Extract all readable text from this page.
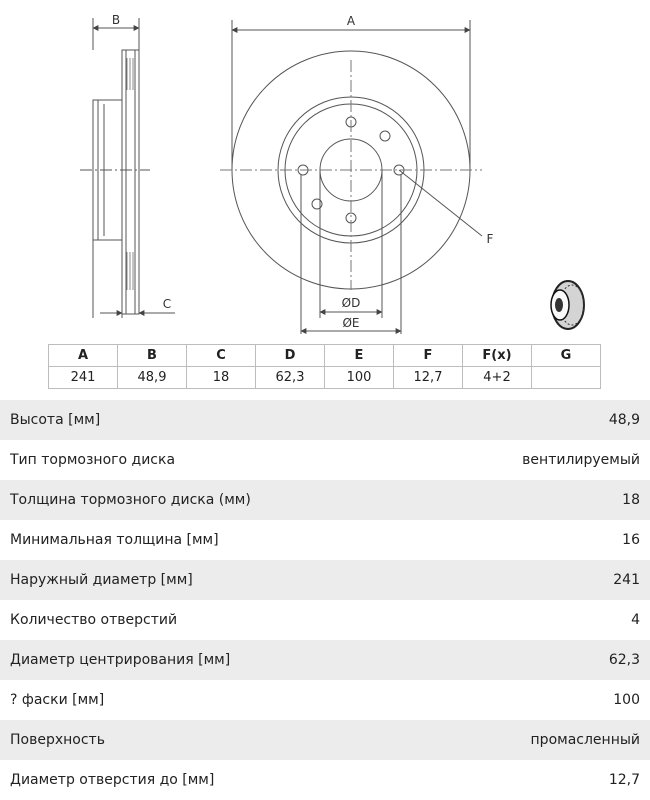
B	A
C	ØD
ØE
F
A	B	C	D	E	F	F(x)	G
241	48,9	18	62,3	100	12,7	4+2	
Высота [мм]	48,9
Тип тормозного диска	вентилируемый
Толщина тормозного диска (мм)	18
Минимальная толщина [мм]	16
Наружный диаметр [мм]	241
Количество отверстий	4
Диаметр центрирования [мм]	62,3
? фаски [мм]	100
Поверхность	промасленный
Диаметр отверстия до [мм]	12,7
